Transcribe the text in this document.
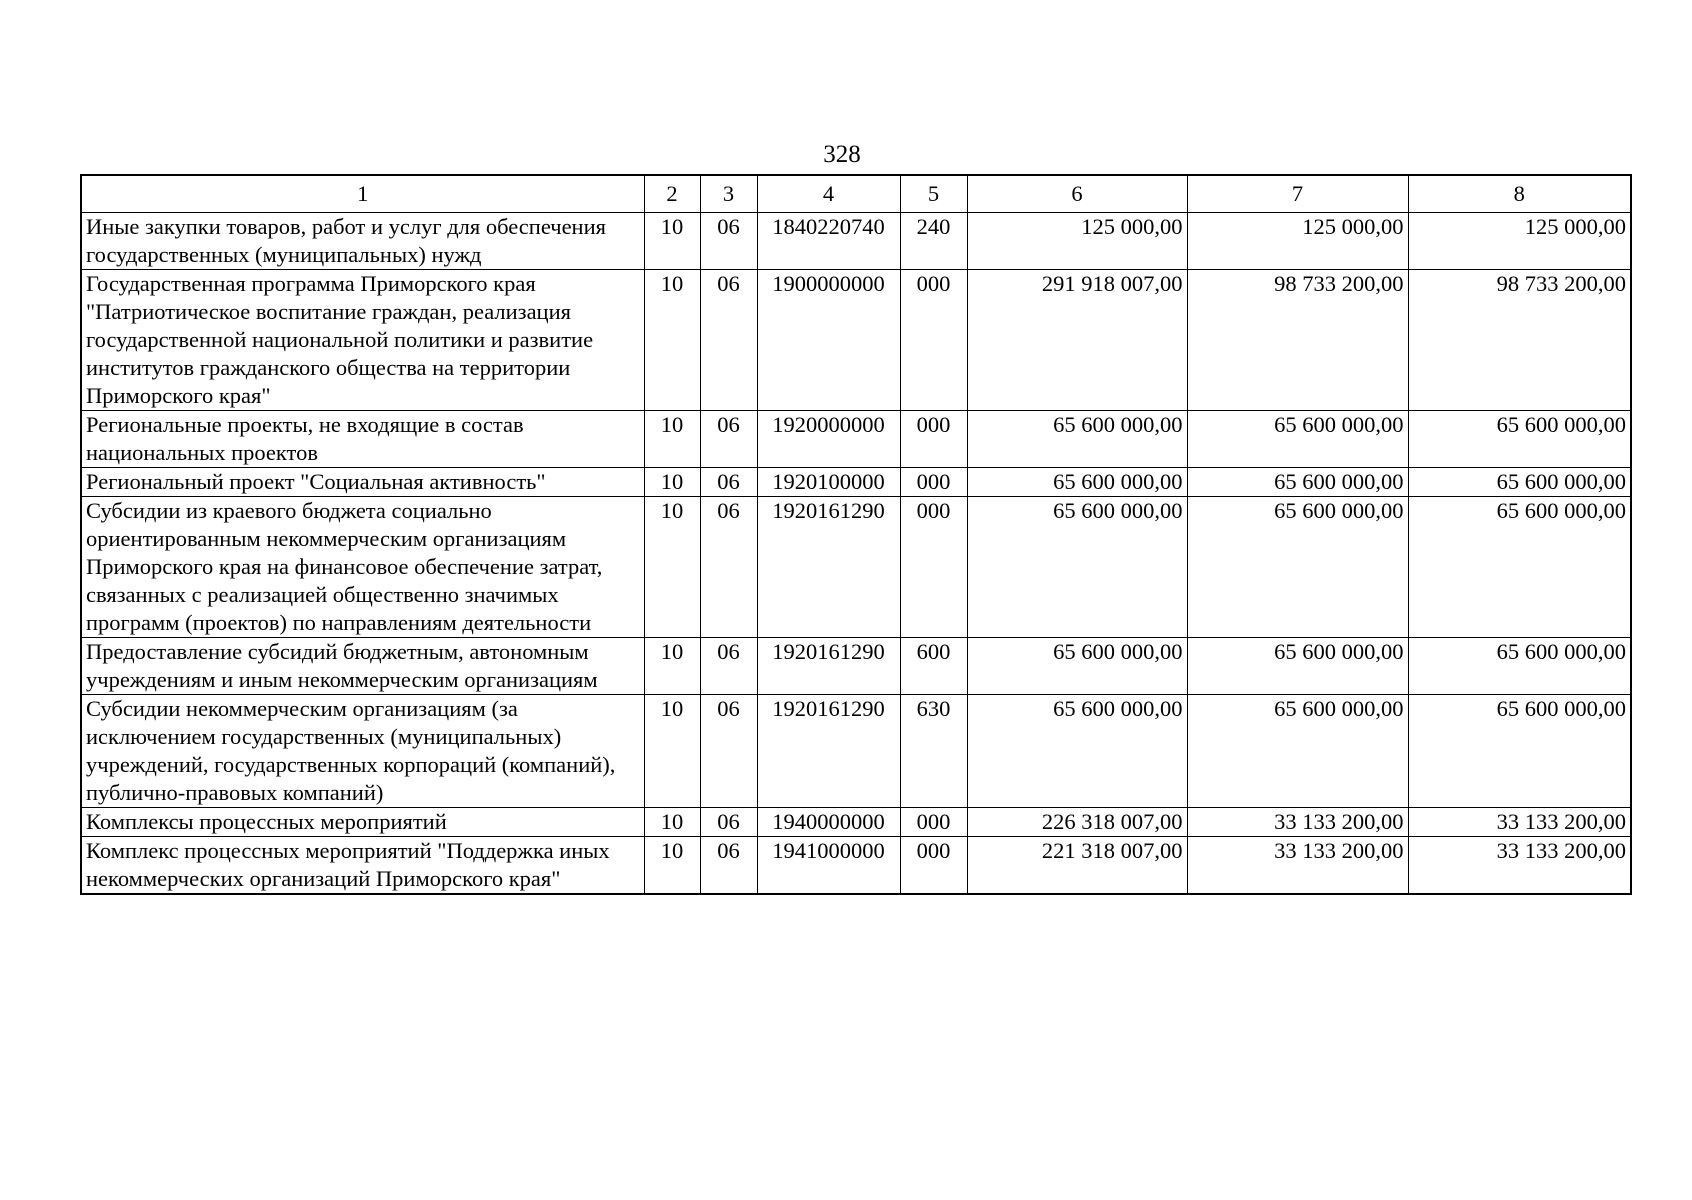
328
1	2	3	4	5	6	7	8
Иные закупки товаров, работ и услуг для обеспечения государственных (муниципальных) нужд	10	06	1840220740	240	125 000,00	125 000,00	125 000,00
Государственная программа Приморского края "Патриотическое воспитание граждан, реализация государственной национальной политики и развитие институтов гражданского общества на территории Приморского края"	10	06	1900000000	000	291 918 007,00	98 733 200,00	98 733 200,00
Региональные проекты, не входящие в состав национальных проектов	10	06	1920000000	000	65 600 000,00	65 600 000,00	65 600 000,00
Региональный проект "Социальная активность"	10	06	1920100000	000	65 600 000,00	65 600 000,00	65 600 000,00
Субсидии из краевого бюджета социально ориентированным некоммерческим организациям Приморского края на финансовое обеспечение затрат, связанных с реализацией общественно значимых программ (проектов) по направлениям деятельности	10	06	1920161290	000	65 600 000,00	65 600 000,00	65 600 000,00
Предоставление субсидий бюджетным, автономным учреждениям и иным некоммерческим организациям	10	06	1920161290	600	65 600 000,00	65 600 000,00	65 600 000,00
Субсидии некоммерческим организациям (за исключением государственных (муниципальных) учреждений, государственных корпораций (компаний), публично-правовых компаний)	10	06	1920161290	630	65 600 000,00	65 600 000,00	65 600 000,00
Комплексы процессных мероприятий	10	06	1940000000	000	226 318 007,00	33 133 200,00	33 133 200,00
Комплекс процессных мероприятий "Поддержка иных некоммерческих организаций Приморского края"	10	06	1941000000	000	221 318 007,00	33 133 200,00	33 133 200,00
